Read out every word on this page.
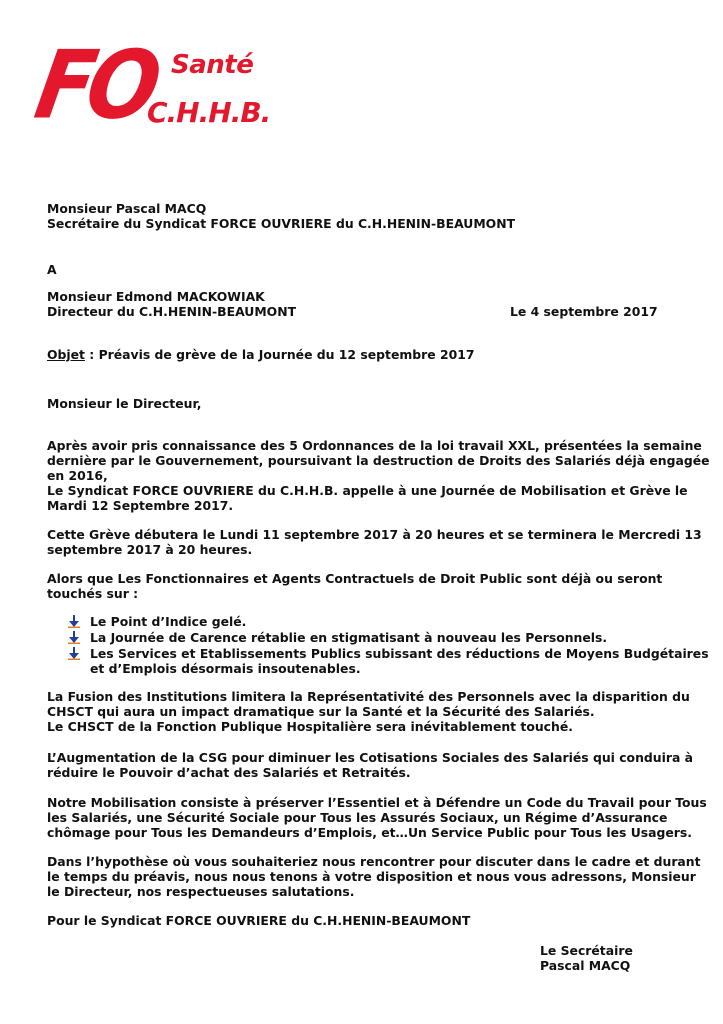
FO Santé
C.H.H.B.
Monsieur Pascal MACQ
Secrétaire du Syndicat FORCE OUVRIERE du C.H.HENIN-BEAUMONT
A
Monsieur Edmond MACKOWIAK
Directeur du C.H.HENIN-BEAUMONT	Le 4 septembre 2017
Objet : Préavis de grève de la Journée du 12 septembre 2017
Monsieur le Directeur,
Après avoir pris connaissance des 5 Ordonnances de la loi travail XXL, présentées la semaine
dernière par le Gouvernement, poursuivant la destruction de Droits des Salariés déjà engagée
en 2016,
Le Syndicat FORCE OUVRIERE du C.H.H.B. appelle à une Journée de Mobilisation et Grève le
Mardi 12 Septembre 2017.
Cette Grève débutera le Lundi 11 septembre 2017 à 20 heures et se terminera le Mercredi 13
septembre 2017 à 20 heures.
Alors que Les Fonctionnaires et Agents Contractuels de Droit Public sont déjà ou seront
touchés sur :
Le Point d’Indice gelé.
La Journée de Carence rétablie en stigmatisant à nouveau les Personnels.
Les Services et Etablissements Publics subissant des réductions de Moyens Budgétaires
et d’Emplois désormais insoutenables.
La Fusion des Institutions limitera la Représentativité des Personnels avec la disparition du
CHSCT qui aura un impact dramatique sur la Santé et la Sécurité des Salariés.
Le CHSCT de la Fonction Publique Hospitalière sera inévitablement touché.
L’Augmentation de la CSG pour diminuer les Cotisations Sociales des Salariés qui conduira à
réduire le Pouvoir d’achat des Salariés et Retraités.
Notre Mobilisation consiste à préserver l’Essentiel et à Défendre un Code du Travail pour Tous
les Salariés, une Sécurité Sociale pour Tous les Assurés Sociaux, un Régime d’Assurance
chômage pour Tous les Demandeurs d’Emplois, et…Un Service Public pour Tous les Usagers.
Dans l’hypothèse où vous souhaiteriez nous rencontrer pour discuter dans le cadre et durant
le temps du préavis, nous nous tenons à votre disposition et nous vous adressons, Monsieur
le Directeur, nos respectueuses salutations.
Pour le Syndicat FORCE OUVRIERE du C.H.HENIN-BEAUMONT
Le Secrétaire
Pascal MACQ
